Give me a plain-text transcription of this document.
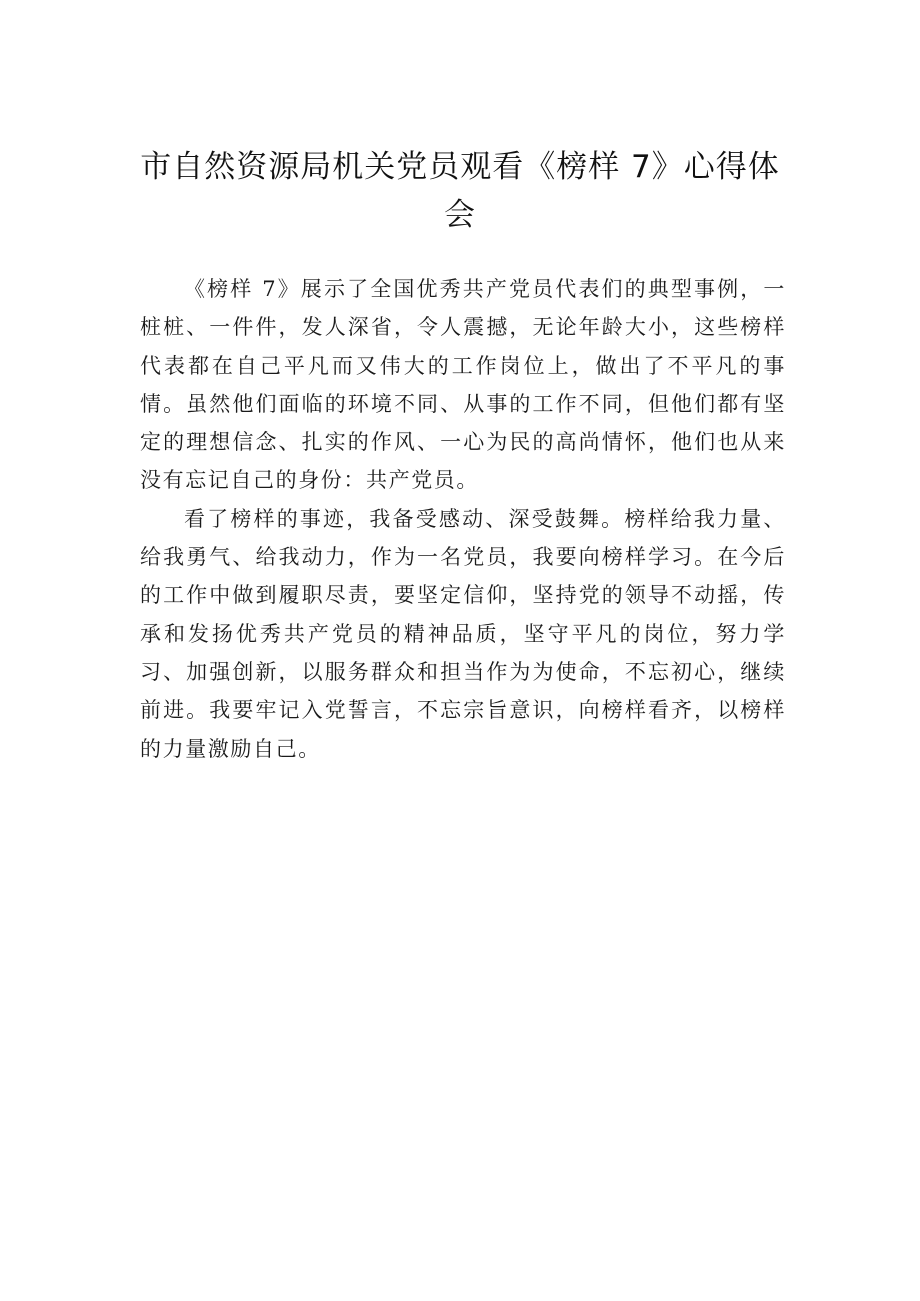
市自然资源局机关党员观看《榜样 7》心得体会

《榜样 7》展示了全国优秀共产党员代表们的典型事例，一桩桩、一件件，发人深省，令人震撼，无论年龄大小，这些榜样代表都在自己平凡而又伟大的工作岗位上，做出了不平凡的事情。虽然他们面临的环境不同、从事的工作不同，但他们都有坚定的理想信念、扎实的作风、一心为民的高尚情怀，他们也从来没有忘记自己的身份：共产党员。

看了榜样的事迹，我备受感动、深受鼓舞。榜样给我力量、给我勇气、给我动力，作为一名党员，我要向榜样学习。在今后的工作中做到履职尽责，要坚定信仰，坚持党的领导不动摇，传承和发扬优秀共产党员的精神品质，坚守平凡的岗位，努力学习、加强创新，以服务群众和担当作为为使命，不忘初心，继续前进。我要牢记入党誓言，不忘宗旨意识，向榜样看齐，以榜样的力量激励自己。
